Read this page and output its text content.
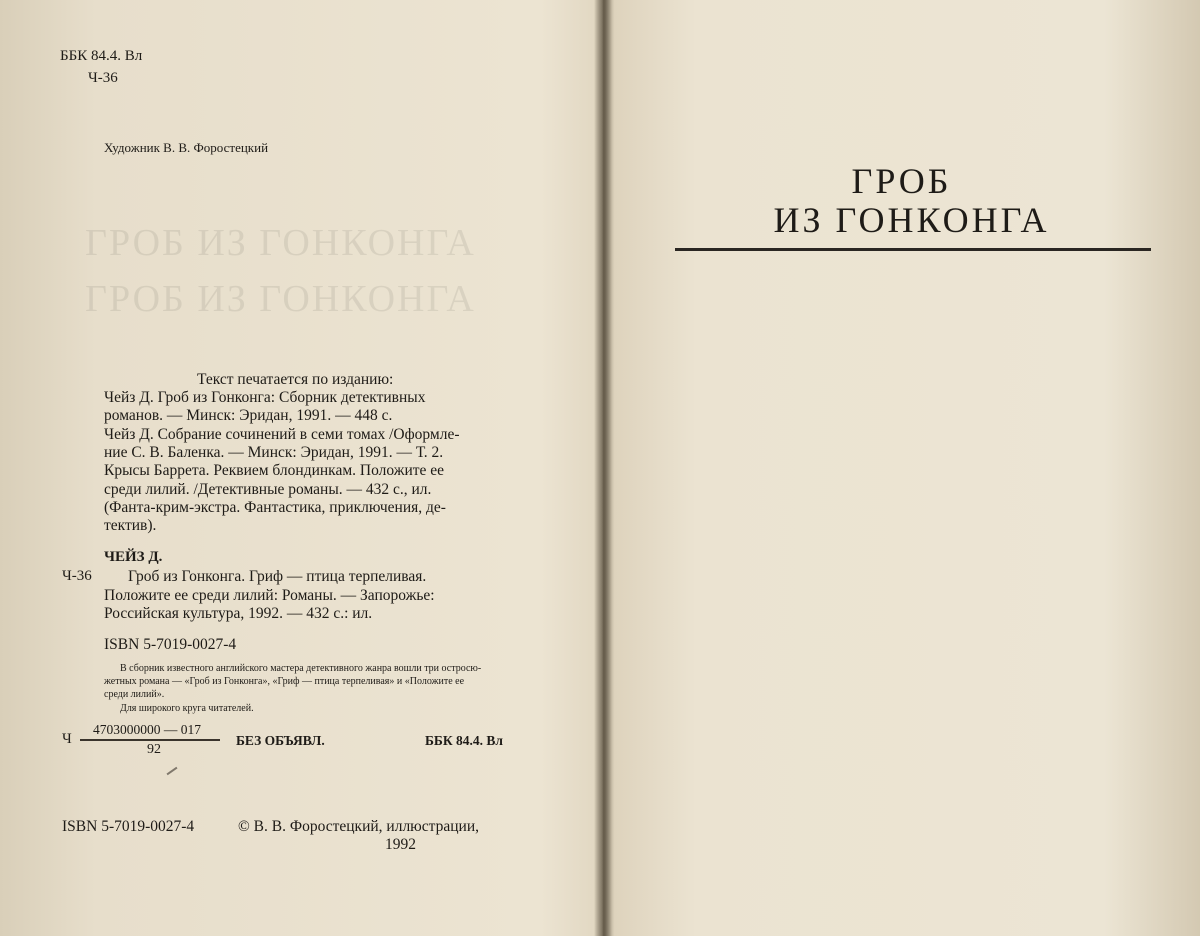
ГРОБ ИЗ ГОНКОНГА
ГРОБ ИЗ ГОНКОНГА
ББК 84.4. Вл
Ч-36
Художник В. В. Форостецкий
Текст печатается по изданию:
Чейз Д. Гроб из Гонконга: Сборник детективных
романов. — Минск: Эридан, 1991. — 448 с.
Чейз Д. Собрание сочинений в семи томах /Оформле-
ние С. В. Баленка. — Минск: Эридан, 1991. — Т. 2.
Крысы Баррета. Реквием блондинкам. Положите ее
среди лилий. /Детективные романы. — 432 с., ил.
(Фанта-крим-экстра. Фантастика, приключения, де-
тектив).
ЧЕЙЗ Д.
Ч-36 Гроб из Гонконга. Гриф — птица терпеливая.
Положите ее среди лилий: Романы. — Запорожье:
Российская культура, 1992. — 432 с.: ил.
ISBN 5-7019-0027-4
В сборник известного английского мастера детективного жанра вошли три остросю-
жетных романа — «Гроб из Гонконга», «Гриф — птица терпеливая» и «Положите ее
среди лилий».
Для широкого круга читателей.
Ч
4703000000 — 017
92
БЕЗ ОБЪЯВЛ.	ББК 84.4. Вл
ISBN 5-7019-0027-4	© В. В. Форостецкий, иллюстрации,
1992
ГРОБ
ИЗ ГОНКОНГА
